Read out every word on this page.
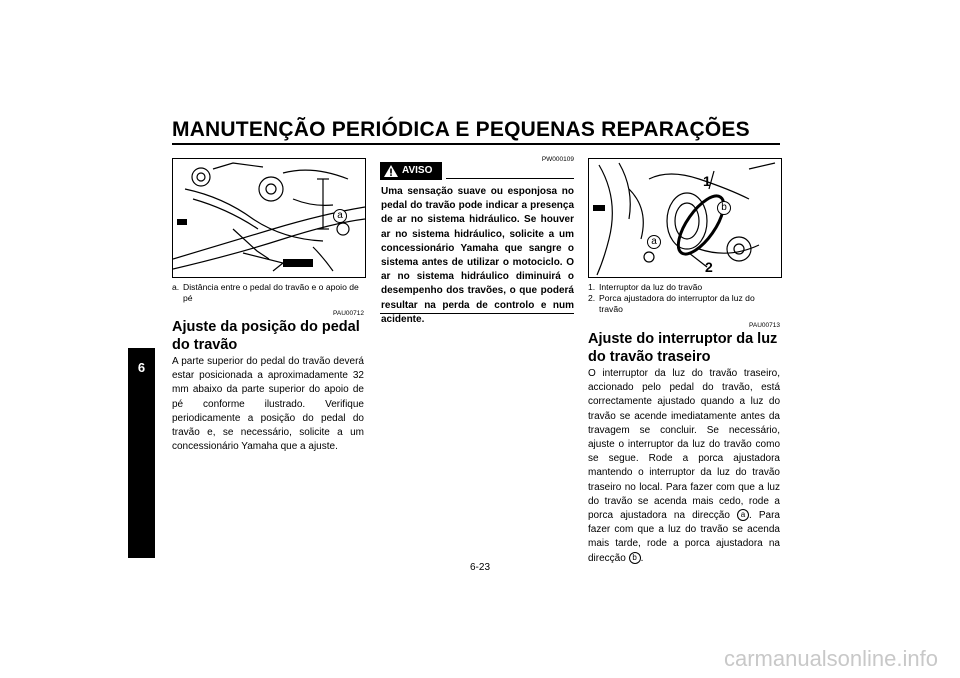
MANUTENÇÃO PERIÓDICA E PEQUENAS REPARAÇÕES
6
a
a. Distância entre o pedal do travão e o apoio de pé
PAU00712
Ajuste da posição do pedal do travão
A parte superior do pedal do travão deverá estar posicionada a aproximadamente 32 mm abaixo da parte superior do apoio de pé conforme ilustrado. Verifique periodicamente a posição do pedal do travão e, se necessário, solicite a um concessionário Yamaha que a ajuste.
PW000109
AVISO
Uma sensação suave ou esponjosa no pedal do travão pode indicar a presença de ar no sistema hidráulico. Se houver ar no sistema hidráulico, solicite a um concessionário Yamaha que sangre o sistema antes de utilizar o motociclo. O ar no sistema hidráulico diminuirá o desempenho dos travões, o que poderá resultar na perda de controlo e num acidente.
1
2
b
a
1. Interruptor da luz do travão
2. Porca ajustadora do interruptor da luz do travão
PAU00713
Ajuste do interruptor da luz do travão traseiro
O interruptor da luz do travão traseiro, accionado pelo pedal do travão, está correctamente ajustado quando a luz do travão se acende imediatamente antes da travagem se concluir. Se necessário, ajuste o interruptor da luz do travão como se segue. Rode a porca ajustadora mantendo o interruptor da luz do travão traseiro no local. Para fazer com que a luz do travão se acenda mais cedo, rode a porca ajustadora na direcção a . Para fazer com que a luz do travão se acenda mais tarde, rode a porca ajustadora na direcção b .
6-23
carmanualsonline.info
